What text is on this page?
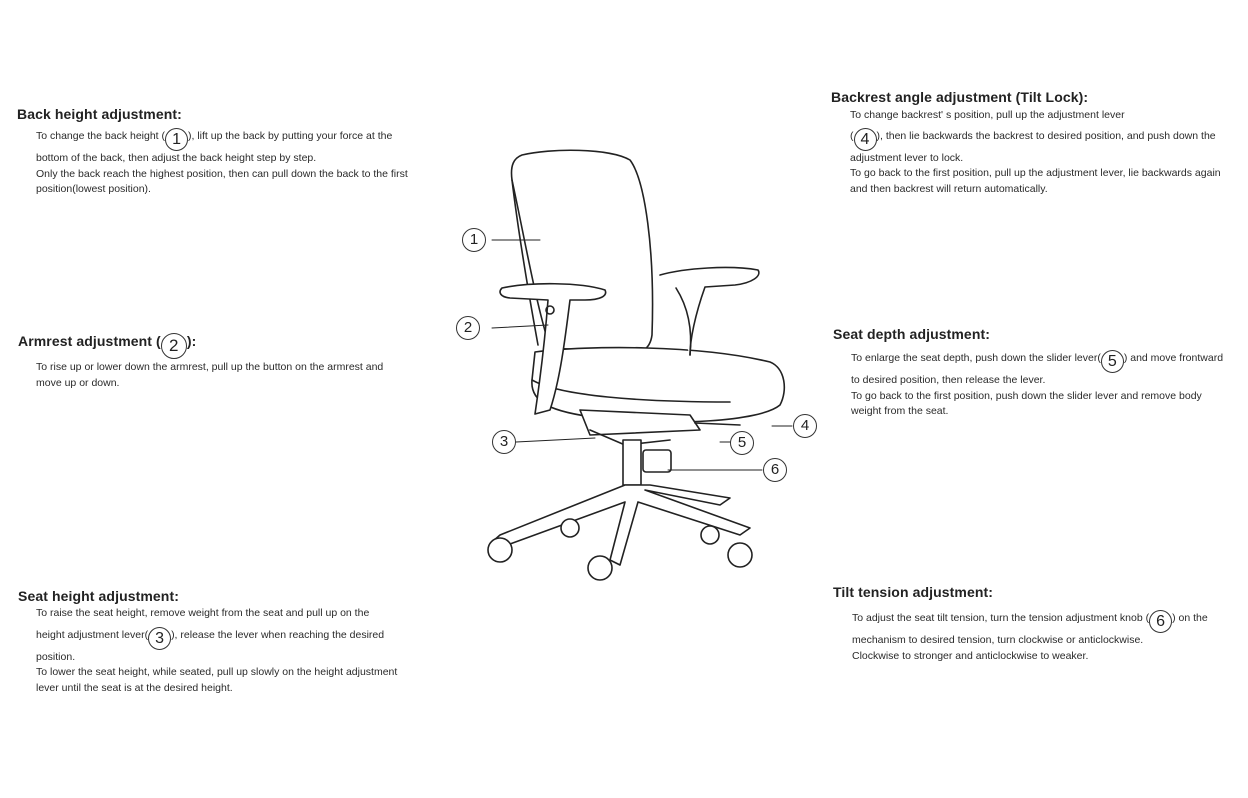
Back height adjustment:

To change the back height ( 1 ), lift up the back by putting your force at the bottom of the back, then adjust the back height step by step.

Only the back reach the highest position, then can pull down the back to the first position(lowest position).

Armrest adjustment ( 2 ):

To rise up or lower down the armrest, pull up the button on the armrest and move up or down.

Seat height adjustment:

To raise the seat height, remove weight from the seat and pull up on the

height adjustment lever( 3 ), release the lever when reaching the desired position.

To lower the seat height, while seated, pull up slowly on the height adjustment lever until the seat is at the desired height.

Backrest angle adjustment (Tilt Lock):

To change backrest' s position, pull up the adjustment lever

( 4 ), then lie backwards the backrest to desired position, and push down the adjustment lever to lock.

To go back to the first position, pull up the adjustment lever, lie backwards again and then backrest will return automatically.

Seat depth adjustment:

To enlarge the seat depth, push down the slider lever( 5 ) and move frontward to desired position, then release the lever.

To go back to the first position, push down the slider lever and remove body weight from the seat.

Tilt tension adjustment:

To adjust the seat tilt tension, turn the tension adjustment knob ( 6 ) on the mechanism to desired tension, turn clockwise or anticlockwise.

Clockwise to stronger and anticlockwise to weaker.

1
2
3
4
5
6
